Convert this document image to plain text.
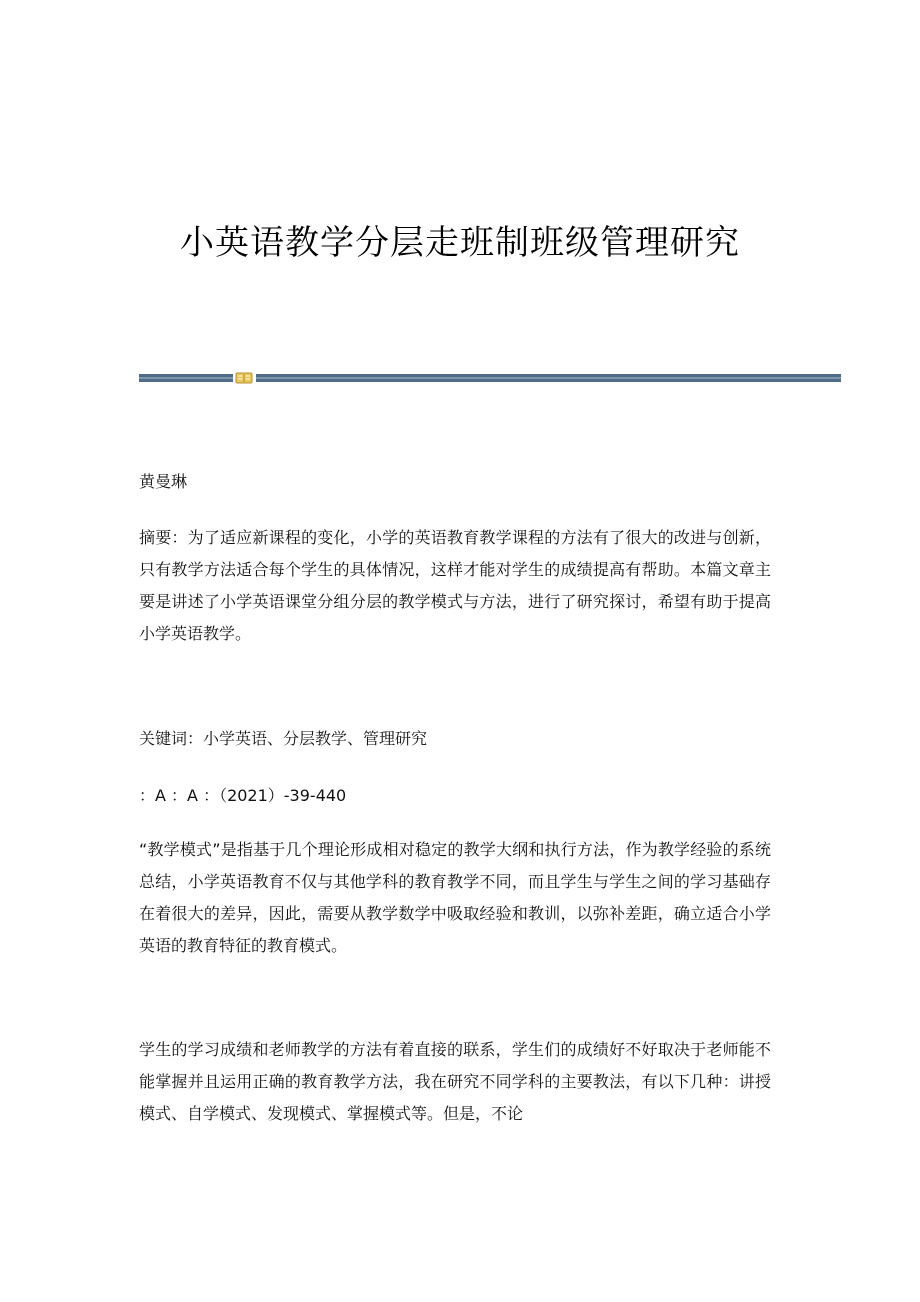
小英语教学分层走班制班级管理研究
黄曼琳
摘要：为了适应新课程的变化，小学的英语教育教学课程的方法有了很大的改进与创新，只有教学方法适合每个学生的具体情况，这样才能对学生的成绩提高有帮助。本篇文章主要是讲述了小学英语课堂分组分层的教学模式与方法，进行了研究探讨，希望有助于提高小学英语教学。
关键词：小学英语、分层教学、管理研究
：A ：A ：（2021）-39-440
“教学模式”是指基于几个理论形成相对稳定的教学大纲和执行方法，作为教学经验的系统总结，小学英语教育不仅与其他学科的教育教学不同，而且学生与学生之间的学习基础存在着很大的差异，因此，需要从教学数学中吸取经验和教训，以弥补差距，确立适合小学英语的教育特征的教育模式。
学生的学习成绩和老师教学的方法有着直接的联系，学生们的成绩好不好取决于老师能不能掌握并且运用正确的教育教学方法，我在研究不同学科的主要教法，有以下几种：讲授模式、自学模式、发现模式、掌握模式等。但是，不论
